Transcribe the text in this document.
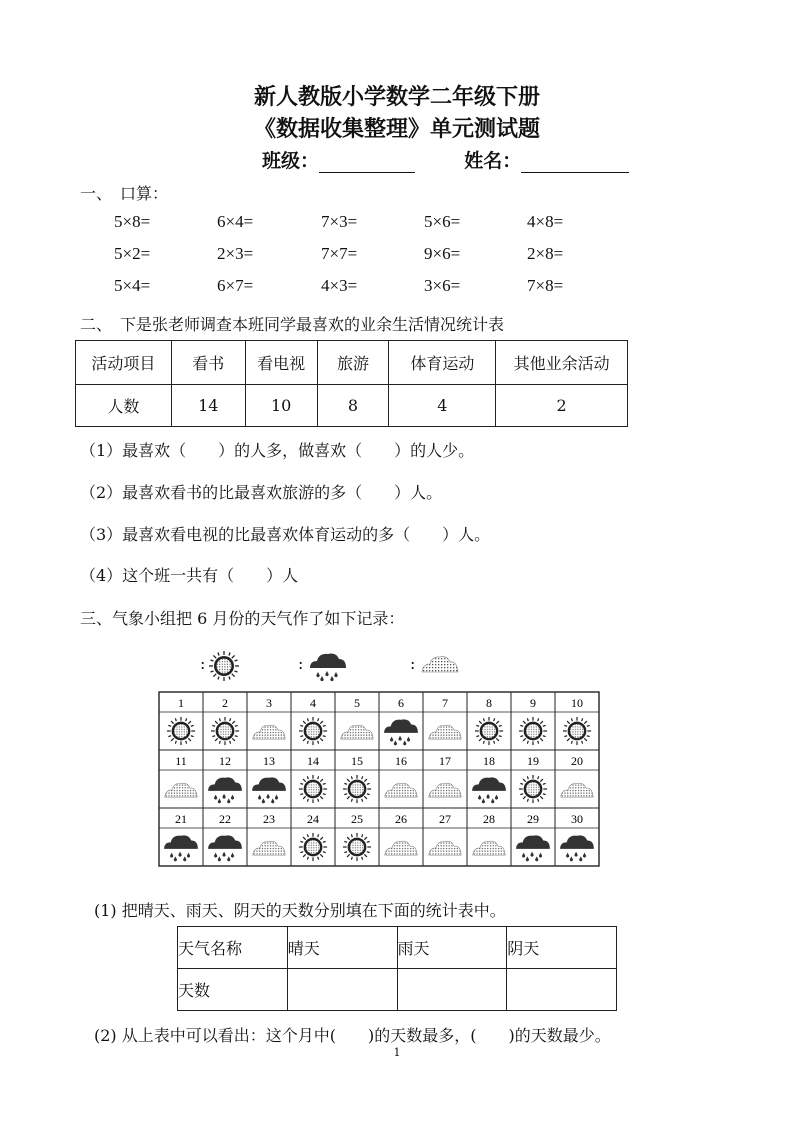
新人教版小学数学二年级下册
《数据收集整理》单元测试题
班级：	姓名：
一、　口算：
5×8=	6×4=	7×3=	5×6=	4×8=
5×2=	2×3=	7×7=	9×6=	2×8=
5×4=	6×7=	4×3=	3×6=	7×8=
二、　下是张老师调查本班同学最喜欢的业余生活情况统计表
活动项目	看书	看电视	旅游	体育运动	其他业余活动
人数	14	10	8	4	2
（1）最喜欢（　　）的人多，做喜欢（　　）的人少。
（2）最喜欢看书的比最喜欢旅游的多（　　）人。
（3）最喜欢看电视的比最喜欢体育运动的多（　　）人。
（4）这个班一共有（　　）人
三、气象小组把 6 月份的天气作了如下记录：
:	:	:
1	2	3	4	5	6	7	8	9	10
11	12	13	14	15	16	17	18	19	20
21	22	23	24	25	26	27	28	29	30
(1) 把晴天、雨天、阴天的天数分别填在下面的统计表中。
天气名称	晴天	雨天	阴天
天数			
(2) 从上表中可以看出：这个月中(　　)的天数最多，(　　)的天数最少。
1
